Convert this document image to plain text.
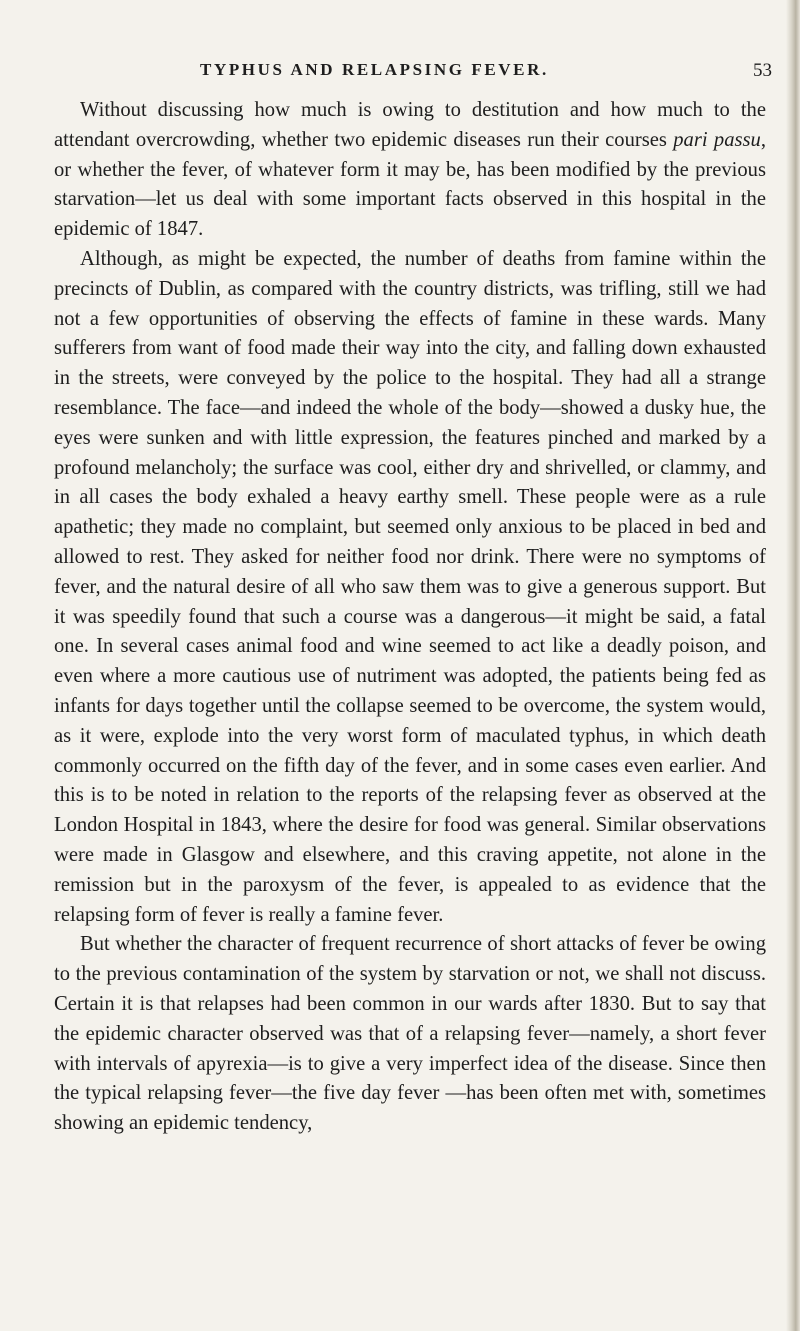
TYPHUS AND RELAPSING FEVER.	53

Without discussing how much is owing to destitution and how much to the attendant overcrowding, whether two epidemic diseases run their courses pari passu, or whether the fever, of whatever form it may be, has been modified by the previous starvation—let us deal with some important facts observed in this hospital in the epidemic of 1847.

Although, as might be expected, the number of deaths from famine within the precincts of Dublin, as compared with the country districts, was trifling, still we had not a few opportunities of observing the effects of famine in these wards. Many sufferers from want of food made their way into the city, and falling down exhausted in the streets, were conveyed by the police to the hospital. They had all a strange resemblance. The face—and indeed the whole of the body—showed a dusky hue, the eyes were sunken and with little expression, the features pinched and marked by a profound melancholy; the surface was cool, either dry and shrivelled, or clammy, and in all cases the body exhaled a heavy earthy smell. These people were as a rule apathetic; they made no complaint, but seemed only anxious to be placed in bed and allowed to rest. They asked for neither food nor drink. There were no symptoms of fever, and the natural desire of all who saw them was to give a generous support. But it was speedily found that such a course was a dangerous—it might be said, a fatal one. In several cases animal food and wine seemed to act like a deadly poison, and even where a more cautious use of nutriment was adopted, the patients being fed as infants for days together until the collapse seemed to be overcome, the system would, as it were, explode into the very worst form of maculated typhus, in which death commonly occurred on the fifth day of the fever, and in some cases even earlier. And this is to be noted in relation to the reports of the relapsing fever as observed at the London Hospital in 1843, where the desire for food was general. Similar observations were made in Glasgow and elsewhere, and this craving appetite, not alone in the remission but in the paroxysm of the fever, is appealed to as evidence that the relapsing form of fever is really a famine fever.

But whether the character of frequent recurrence of short attacks of fever be owing to the previous contamination of the system by starvation or not, we shall not discuss. Certain it is that relapses had been common in our wards after 1830. But to say that the epidemic character observed was that of a relapsing fever—namely, a short fever with intervals of apyrexia—is to give a very imperfect idea of the disease. Since then the typical relapsing fever—the five day fever —has been often met with, sometimes showing an epidemic tendency,
